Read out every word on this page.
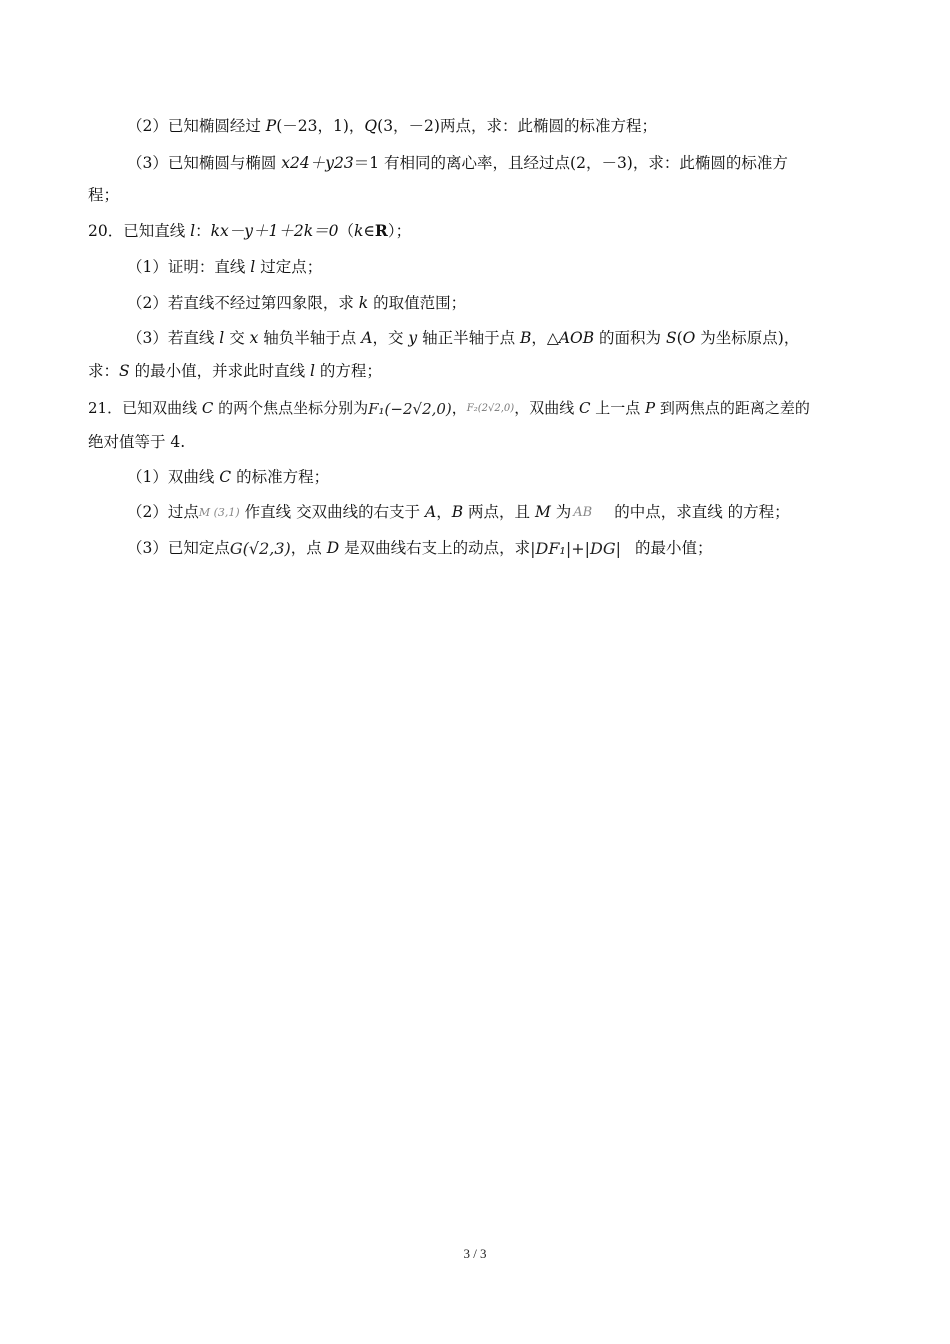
（2）已知椭圆经过 P(－23，1)，Q(3，－2)两点，求：此椭圆的标准方程；
（3）已知椭圆与椭圆 x24＋y23＝1 有相同的离心率，且经过点(2，－3)，求：此椭圆的标准方
程；
20．已知直线 l：kx－y＋1＋2k＝0（k∈R）；
（1）证明：直线 l 过定点；
（2）若直线不经过第四象限，求 k 的取值范围；
（3）若直线 l 交 x 轴负半轴于点 A，交 y 轴正半轴于点 B，△AOB 的面积为 S(O 为坐标原点)，
求：S 的最小值，并求此时直线 l 的方程；
21．已知双曲线 C 的两个焦点坐标分别为F₁(−2√2,0)，F₂(2√2,0)，双曲线 C 上一点 P 到两焦点的距离之差的
绝对值等于 4.
（1）双曲线 C 的标准方程；
（2）过点M (3,1) 作直线 交双曲线的右支于 A，B 两点，且 M 为 AB 的中点，求直线 的方程；
（3）已知定点G(√2,3)，点 D 是双曲线右支上的动点，求|DF₁|+|DG| 的最小值；
3 / 3
